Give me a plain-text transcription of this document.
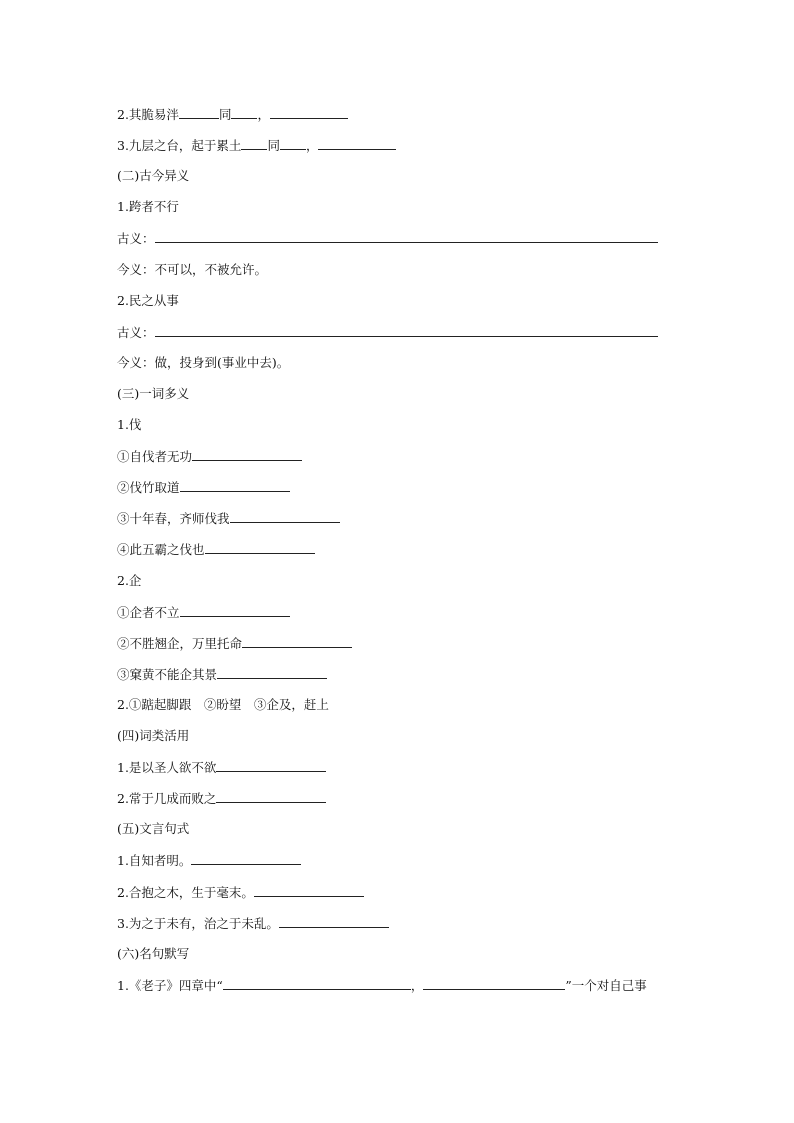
2.其脆易泮	同 ，
3.九层之台，起于累土 同 ，
(二)古今异义
1.跨者不行
古义：
今义：不可以，不被允许。
2.民之从事
古义：
今义：做，投身到(事业中去)。
(三)一词多义
1.伐
①自伐者无功
②伐竹取道
③十年春，齐师伐我
④此五霸之伐也
2.企
①企者不立
②不胜翘企，万里托命
③窠黄不能企其景
2.①踮起脚跟　②盼望　③企及，赶上
(四)词类活用
1.是以圣人欲不欲
2.常于几成而败之
(五)文言句式
1.自知者明。
2.合抱之木，生于毫末。
3.为之于未有，治之于未乱。
(六)名句默写
1.《老子》四章中“	，	”一个对自己事
